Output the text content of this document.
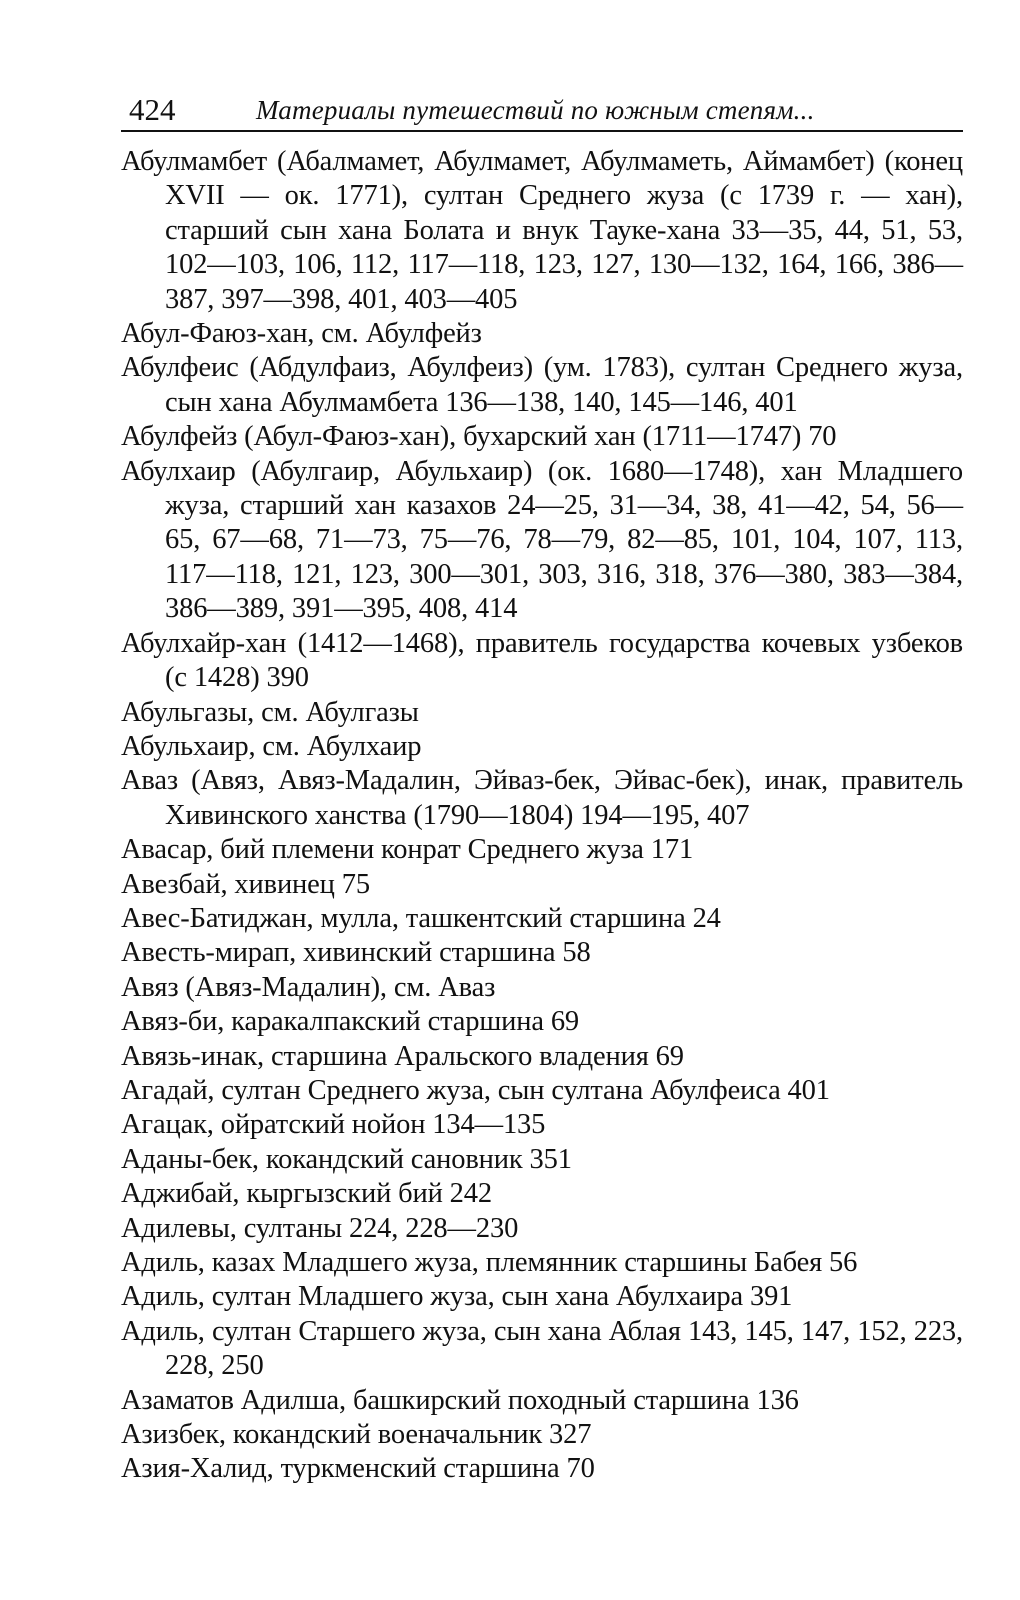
424	Материалы путешествий по южным степям...

Абулмамбет (Абалмамет, Абулмамет, Абулмаметь, Аймамбет) (конец XVII — ок. 1771), султан Среднего жуза (с 1739 г. — хан), старший сын хана Болата и внук Тауке-хана 33—35, 44, 51, 53, 102—103, 106, 112, 117—118, 123, 127, 130—132, 164, 166, 386—387, 397—398, 401, 403—405

Абул-Фаюз-хан, см. Абулфейз

Абулфеис (Абдулфаиз, Абулфеиз) (ум. 1783), султан Среднего жуза, сын хана Абулмамбета 136—138, 140, 145—146, 401

Абулфейз (Абул-Фаюз-хан), бухарский хан (1711—1747) 70

Абулхаир (Абулгаир, Абульхаир) (ок. 1680—1748), хан Младшего жуза, старший хан казахов 24—25, 31—34, 38, 41—42, 54, 56—65, 67—68, 71—73, 75—76, 78—79, 82—85, 101, 104, 107, 113, 117—118, 121, 123, 300—301, 303, 316, 318, 376—380, 383—384, 386—389, 391—395, 408, 414

Абулхайр-хан (1412—1468), правитель государства кочевых узбеков (с 1428) 390

Абульгазы, см. Абулгазы

Абульхаир, см. Абулхаир

Аваз (Авяз, Авяз-Мадалин, Эйваз-бек, Эйвас-бек), инак, правитель Хивинского ханства (1790—1804) 194—195, 407

Авасар, бий племени конрат Среднего жуза 171

Авезбай, хивинец 75

Авес-Батиджан, мулла, ташкентский старшина 24

Авесть-мирап, хивинский старшина 58

Авяз (Авяз-Мадалин), см. Аваз

Авяз-би, каракалпакский старшина 69

Авязь-инак, старшина Аральского владения 69

Агадай, султан Среднего жуза, сын султана Абулфеиса 401

Агацак, ойратский нойон 134—135

Аданы-бек, кокандский сановник 351

Аджибай, кыргызский бий 242

Адилевы, султаны 224, 228—230

Адиль, казах Младшего жуза, племянник старшины Бабея 56

Адиль, султан Младшего жуза, сын хана Абулхаира 391

Адиль, султан Старшего жуза, сын хана Аблая 143, 145, 147, 152, 223, 228, 250

Азаматов Адилша, башкирский походный старшина 136

Азизбек, кокандский военачальник 327

Азия-Халид, туркменский старшина 70
